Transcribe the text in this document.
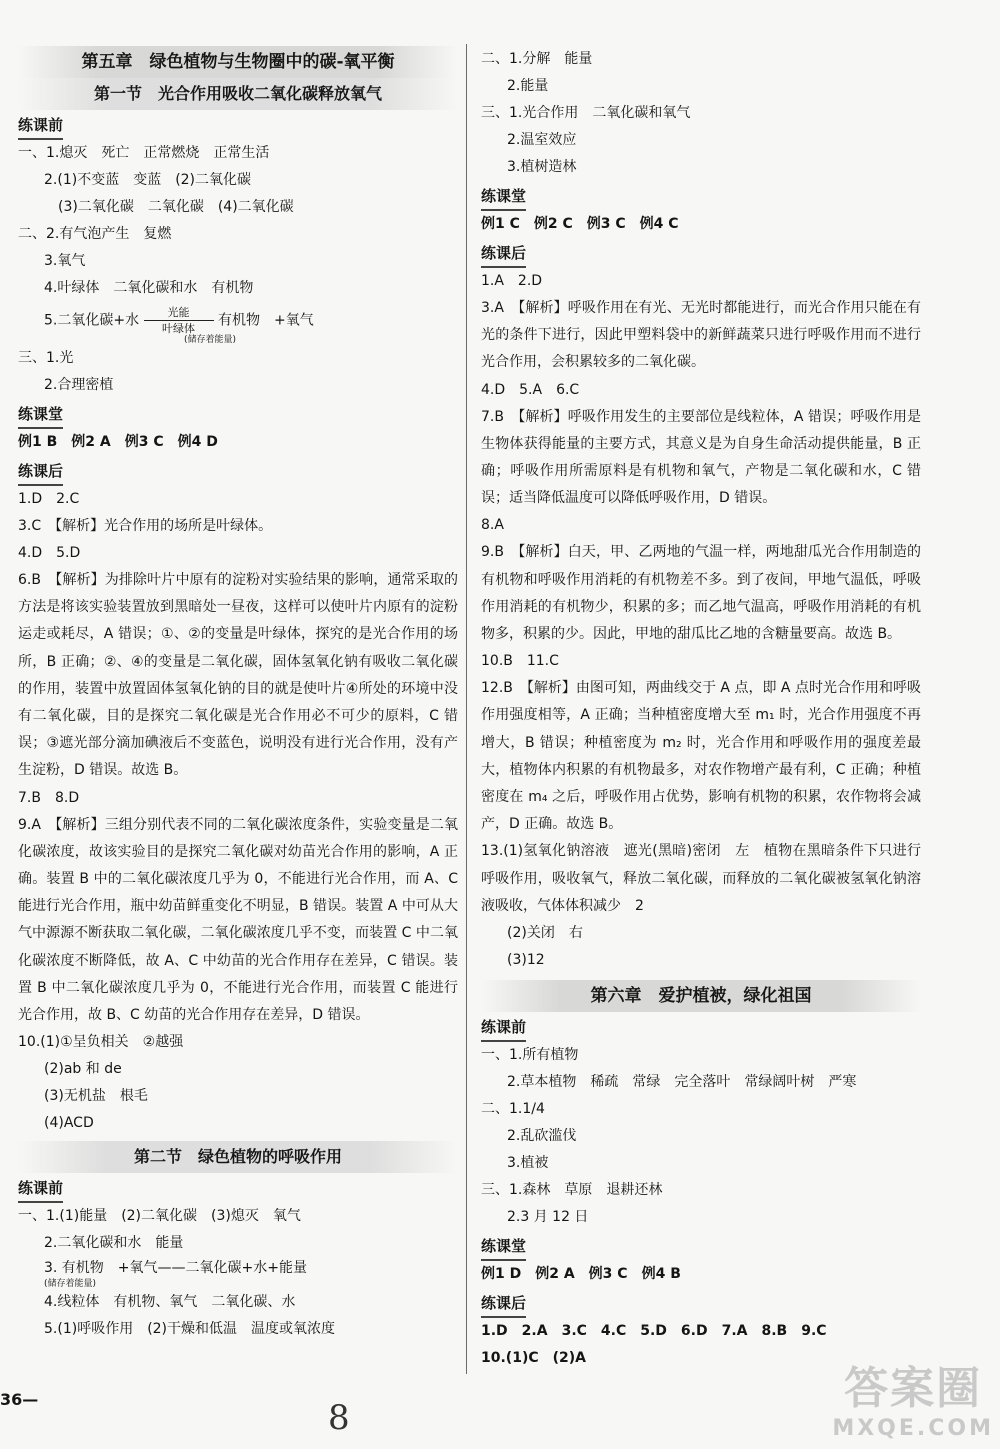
第五章　绿色植物与生物圈中的碳-氧平衡
第一节　光合作用吸收二氧化碳释放氧气
练课前
一、1.熄灭　死亡　正常燃烧　正常生活
2.(1)不变蓝　变蓝　(2)二氧化碳
(3)二氧化碳　二氧化碳　(4)二氧化碳
二、2.有气泡产生　复燃
3.氧气
4.叶绿体　二氧化碳和水　有机物
5.二氧化碳+水	光能
叶绿体 有机物　+氧气
(储存着能量)
三、1.光
2.合理密植
练课堂
例1 B　例2 A　例3 C　例4 D
练课后
1.D　2.C
3.C　【解析】光合作用的场所是叶绿体。
4.D　5.D
6.B　【解析】为排除叶片中原有的淀粉对实验结果的影响，通常采取的方法是将该实验装置放到黑暗处一昼夜，这样可以使叶片内原有的淀粉运走或耗尽，A 错误；①、②的变量是叶绿体，探究的是光合作用的场所，B 正确；②、④的变量是二氧化碳，固体氢氧化钠有吸收二氧化碳的作用，装置中放置固体氢氧化钠的目的就是使叶片④所处的环境中没有二氧化碳，目的是探究二氧化碳是光合作用必不可少的原料，C 错误；③遮光部分滴加碘液后不变蓝色，说明没有进行光合作用，没有产生淀粉，D 错误。故选 B。
7.B　8.D
9.A　【解析】三组分别代表不同的二氧化碳浓度条件，实验变量是二氧化碳浓度，故该实验目的是探究二氧化碳对幼苗光合作用的影响，A 正确。装置 B 中的二氧化碳浓度几乎为 0，不能进行光合作用，而 A、C 能进行光合作用，瓶中幼苗鲜重变化不明显，B 错误。装置 A 中可从大气中源源不断获取二氧化碳，二氧化碳浓度几乎不变，而装置 C 中二氧化碳浓度不断降低，故 A、C 中幼苗的光合作用存在差异，C 错误。装置 B 中二氧化碳浓度几乎为 0，不能进行光合作用，而装置 C 能进行光合作用，故 B、C 幼苗的光合作用存在差异，D 错误。
10.(1)①呈负相关　②越强
(2)ab 和 de
(3)无机盐　根毛
(4)ACD
第二节　绿色植物的呼吸作用
练课前
一、1.(1)能量　(2)二氧化碳　(3)熄灭　氧气
2.二氧化碳和水　能量
3. 有机物　+氧气——二氧化碳+水+能量
(储存着能量)
4.线粒体　有机物、氧气　二氧化碳、水
5.(1)呼吸作用　(2)干燥和低温　温度或氧浓度
36—
二、1.分解　能量
2.能量
三、1.光合作用　二氧化碳和氧气
2.温室效应
3.植树造林
练课堂
例1 C　例2 C　例3 C　例4 C
练课后
1.A　2.D
3.A　【解析】呼吸作用在有光、无光时都能进行，而光合作用只能在有光的条件下进行，因此甲塑料袋中的新鲜蔬菜只进行呼吸作用而不进行光合作用，会积累较多的二氧化碳。
4.D　5.A　6.C
7.B　【解析】呼吸作用发生的主要部位是线粒体，A 错误；呼吸作用是生物体获得能量的主要方式，其意义是为自身生命活动提供能量，B 正确；呼吸作用所需原料是有机物和氧气，产物是二氧化碳和水，C 错误；适当降低温度可以降低呼吸作用，D 错误。
8.A
9.B　【解析】白天，甲、乙两地的气温一样，两地甜瓜光合作用制造的有机物和呼吸作用消耗的有机物差不多。到了夜间，甲地气温低，呼吸作用消耗的有机物少，积累的多；而乙地气温高，呼吸作用消耗的有机物多，积累的少。因此，甲地的甜瓜比乙地的含糖量要高。故选 B。
10.B　11.C
12.B　【解析】由图可知，两曲线交于 A 点，即 A 点时光合作用和呼吸作用强度相等，A 正确；当种植密度增大至 m₁ 时，光合作用强度不再增大，B 错误；种植密度为 m₂ 时，光合作用和呼吸作用的强度差最大，植物体内积累的有机物最多，对农作物增产最有利，C 正确；种植密度在 m₄ 之后，呼吸作用占优势，影响有机物的积累，农作物将会减产，D 正确。故选 B。
13.(1)氢氧化钠溶液　遮光(黑暗)密闭　左　植物在黑暗条件下只进行呼吸作用，吸收氧气，释放二氧化碳，而释放的二氧化碳被氢氧化钠溶液吸收，气体体积减少　2
(2)关闭　右
(3)12
第六章　爱护植被，绿化祖国
练课前
一、1.所有植物
2.草本植物　稀疏　常绿　完全落叶　常绿阔叶树　严寒
二、1.1/4
2.乱砍滥伐
3.植被
三、1.森林　草原　退耕还林
2.3 月 12 日
练课堂
例1 D　例2 A　例3 C　例4 B
练课后
1.D　2.A　3.C　4.C　5.D　6.D　7.A　8.B　9.C
10.(1)C　(2)A
8
答案圈
MXQE.COM
